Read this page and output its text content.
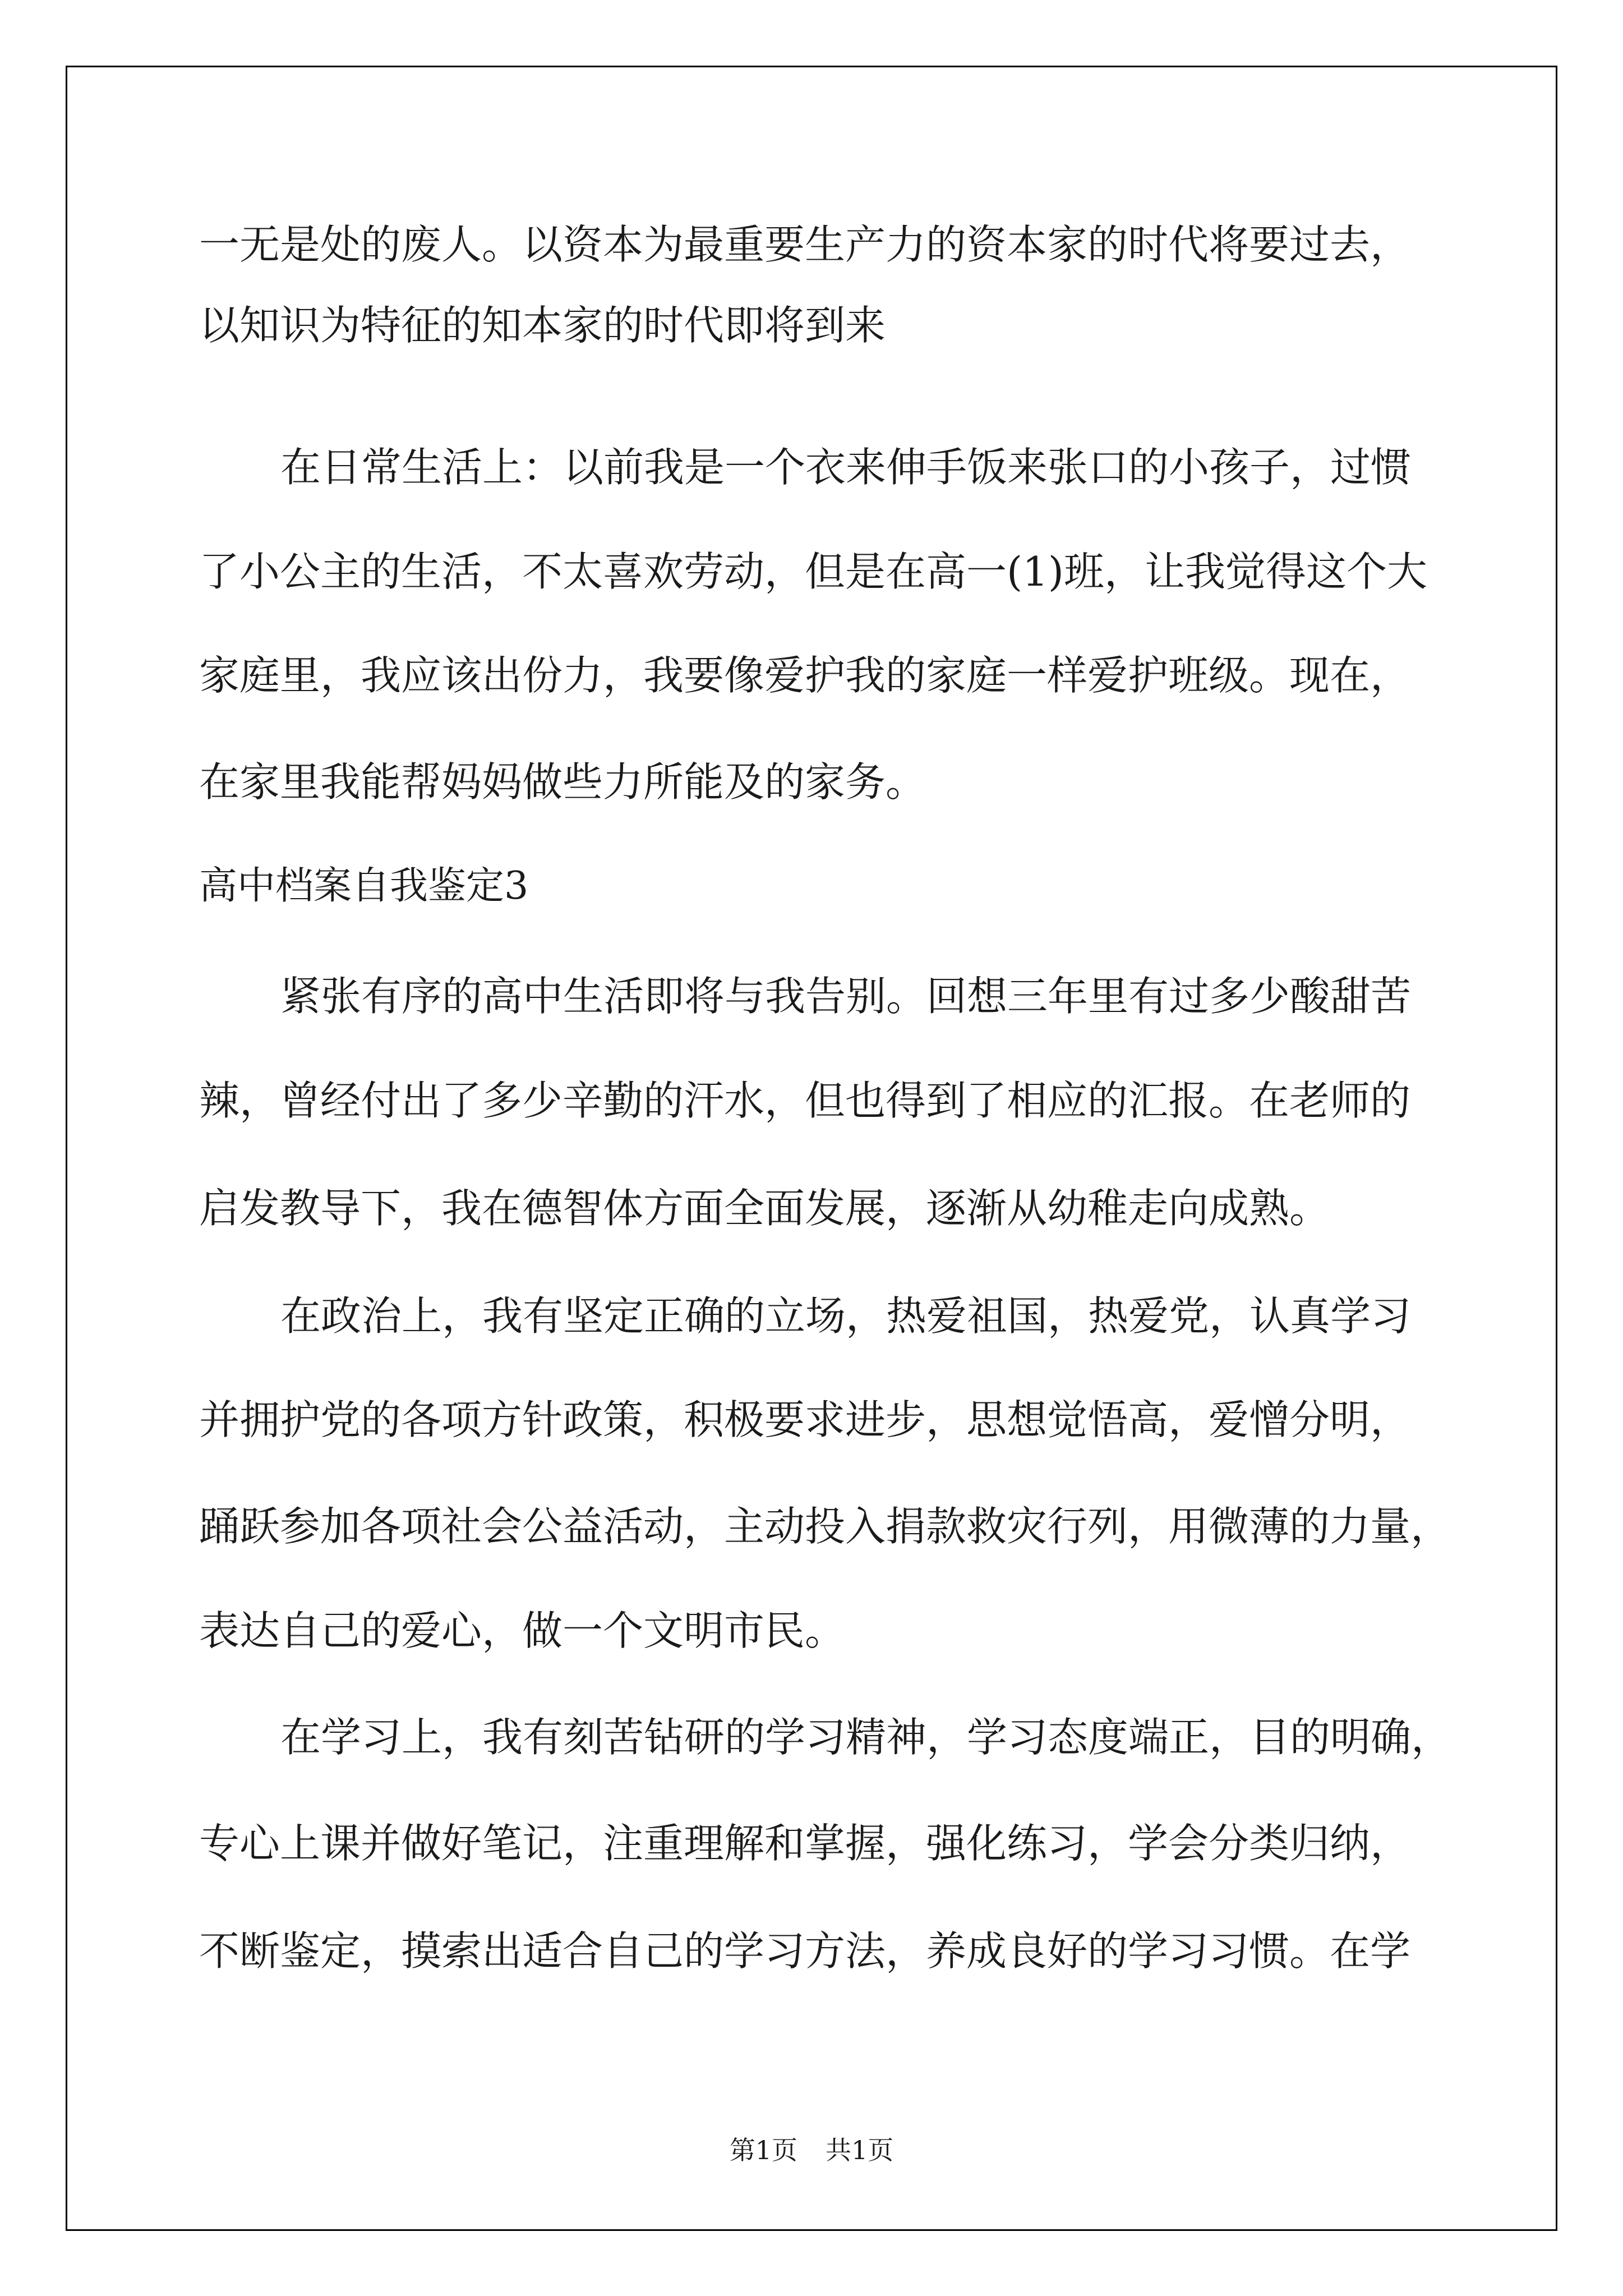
一无是处的废人。以资本为最重要生产力的资本家的时代将要过去，
以知识为特征的知本家的时代即将到来
在日常生活上：以前我是一个衣来伸手饭来张口的小孩子，过惯
了小公主的生活，不太喜欢劳动，但是在高一(1)班，让我觉得这个大
家庭里，我应该出份力，我要像爱护我的家庭一样爱护班级。现在，
在家里我能帮妈妈做些力所能及的家务。
高中档案自我鉴定3
紧张有序的高中生活即将与我告别。回想三年里有过多少酸甜苦
辣，曾经付出了多少辛勤的汗水，但也得到了相应的汇报。在老师的
启发教导下，我在德智体方面全面发展，逐渐从幼稚走向成熟。
在政治上，我有坚定正确的立场，热爱祖国，热爱党，认真学习
并拥护党的各项方针政策，积极要求进步，思想觉悟高，爱憎分明，
踊跃参加各项社会公益活动，主动投入捐款救灾行列，用微薄的力量，
表达自己的爱心，做一个文明市民。
在学习上，我有刻苦钻研的学习精神，学习态度端正，目的明确，
专心上课并做好笔记，注重理解和掌握，强化练习，学会分类归纳，
不断鉴定，摸索出适合自己的学习方法，养成良好的学习习惯。在学
第1页 共1页
